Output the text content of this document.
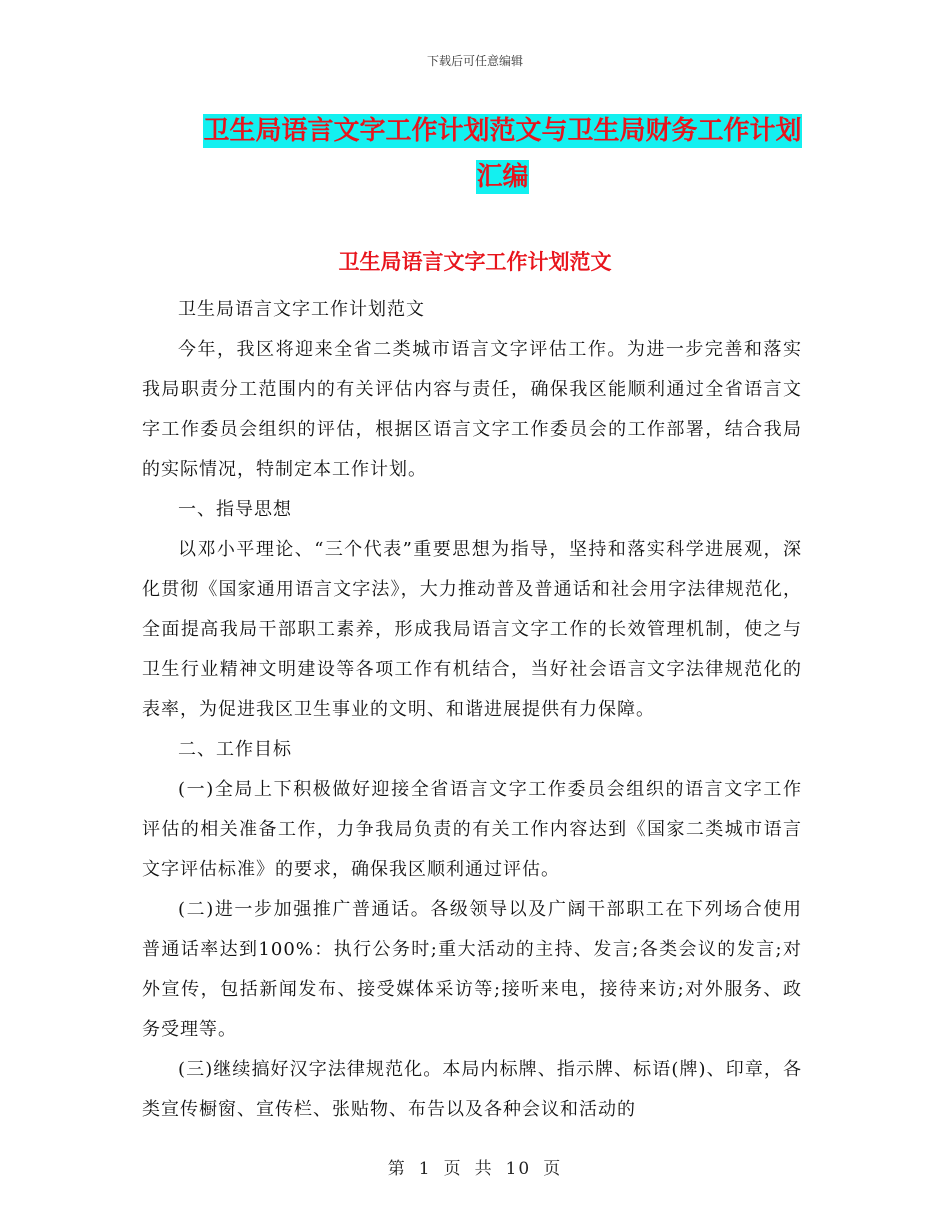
下载后可任意编辑
卫生局语言文字工作计划范文与卫生局财务工作计划
汇编
卫生局语言文字工作计划范文

卫生局语言文字工作计划范文

今年，我区将迎来全省二类城市语言文字评估工作。为进一步完善和落实我局职责分工范围内的有关评估内容与责任，确保我区能顺利通过全省语言文字工作委员会组织的评估，根据区语言文字工作委员会的工作部署，结合我局的实际情况，特制定本工作计划。

一、指导思想

以邓小平理论、“三个代表”重要思想为指导，坚持和落实科学进展观，深化贯彻《国家通用语言文字法》，大力推动普及普通话和社会用字法律规范化，全面提高我局干部职工素养，形成我局语言文字工作的长效管理机制，使之与卫生行业精神文明建设等各项工作有机结合，当好社会语言文字法律规范化的表率，为促进我区卫生事业的文明、和谐进展提供有力保障。

二、工作目标

(一)全局上下积极做好迎接全省语言文字工作委员会组织的语言文字工作评估的相关准备工作，力争我局负责的有关工作内容达到《国家二类城市语言文字评估标准》的要求，确保我区顺利通过评估。

(二)进一步加强推广普通话。各级领导以及广阔干部职工在下列场合使用普通话率达到100%：执行公务时;重大活动的主持、发言;各类会议的发言;对外宣传，包括新闻发布、接受媒体采访等;接听来电，接待来访;对外服务、政务受理等。

(三)继续搞好汉字法律规范化。本局内标牌、指示牌、标语(牌)、印章，各类宣传橱窗、宣传栏、张贴物、布告以及各种会议和活动的

第 1 页 共 10 页
